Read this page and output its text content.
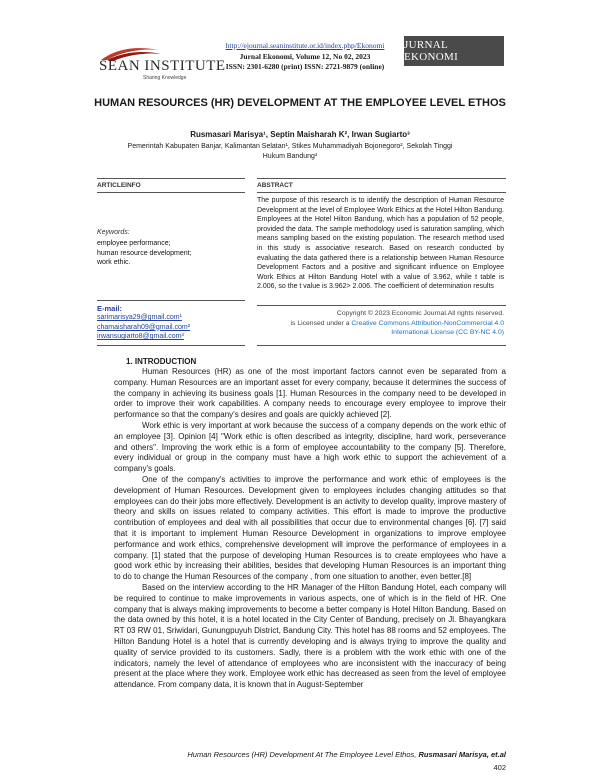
SEAN INSTITUTE
Sharing Knowledge
http://ejournal.seaninstitute.or.id/index.php/Ekonomi
Jurnal Ekonomi, Volume 12, No 02, 2023
ISSN: 2301-6280 (print) ISSN: 2721-9879 (online)
JURNAL EKONOMI
HUMAN RESOURCES (HR) DEVELOPMENT AT THE EMPLOYEE LEVEL ETHOS
Rusmasari Marisya¹, Septin Maisharah K², Irwan Sugiarto³
Pemerintah Kabupaten Banjar, Kalimantan Selatan¹, Stikes Muhammadiyah Bojonegoro², Sekolah Tinggi Hukum Bandung³
ARTICLEINFO	ABSTRACT
Keywords:
employee performance;
human resource development;
work ethic.
E-mail:
sarimarisya29@gmail.com¹
chamaisharah09@gmail.com²
irwansugiarto8@gmail.com³
The purpose of this research is to identify the description of Human Resource Development at the level of Employee Work Ethics at the Hotel Hilton Bandung. Employees at the Hotel Hilton Bandung, which has a population of 52 people, provided the data. The sample methodology used is saturation sampling, which means sampling based on the existing population. The research method used in this study is associative research. Based on research conducted by evaluating the data gathered there is a relationship between Human Resource Development Factors and a positive and significant influence on Employee Work Ethics at Hilton Bandung Hotel with a value of 3.962, while t table is 2.006, so the t value is 3.962> 2.006. The coefficient of determination results
Copyright © 2023 Economic Journal.All rights reserved.
is Licensed under a Creative Commons Attribution-NonCommercial 4.0 International License (CC BY-NC 4.0)
1. INTRODUCTION

Human Resources (HR) as one of the most important factors cannot even be separated from a company. Human Resources are an important asset for every company, because it determines the success of the company in achieving its business goals [1]. Human Resources in the company need to be developed in order to improve their work capabilities. A company needs to encourage every employee to improve their performance so that the company's desires and goals are quickly achieved [2].

Work ethic is very important at work because the success of a company depends on the work ethic of an employee [3]. Opinion [4] "Work ethic is often described as integrity, discipline, hard work, perseverance and others". Improving the work ethic is a form of employee accountability to the company [5]. Therefore, every individual or group in the company must have a high work ethic to support the achievement of a company's goals.

One of the company's activities to improve the performance and work ethic of employees is the development of Human Resources. Development given to employees includes changing attitudes so that employees can do their jobs more effectively. Development is an activity to develop quality, improve mastery of theory and skills on issues related to company activities. This effort is made to improve the productive contribution of employees and deal with all possibilities that occur due to environmental changes [6]. [7] said that it is important to implement Human Resource Development in organizations to improve employee performance and work ethics, comprehensive development will improve the performance of employees in a company. [1] stated that the purpose of developing Human Resources is to create employees who have a good work ethic by increasing their abilities, besides that developing Human Resources is an important thing to do to change the Human Resources of the company , from one situation to another, even better.[8]

Based on the interview according to the HR Manager of the Hilton Bandung Hotel, each company will be required to continue to make improvements in various aspects, one of which is in the field of HR. One company that is always making improvements to become a better company is Hotel Hilton Bandung. Based on the data owned by this hotel, it is a hotel located in the City Center of Bandung, precisely on Jl. Bhayangkara RT 03 RW 01, Sriwidari, Gunungpuyuh District, Bandung City. This hotel has 88 rooms and 52 employees. The Hilton Bandung Hotel is a hotel that is currently developing and is always trying to improve the quality and quality of service provided to its customers. Sadly, there is a problem with the work ethic with one of the indicators, namely the level of attendance of employees who are inconsistent with the inaccuracy of being present at the place where they work. Employee work ethic has decreased as seen from the level of employee attendance. From company data, it is known that in August-September

Human Resources (HR) Development At The Employee Level Ethos, Rusmasari Marisya, et.al
402
